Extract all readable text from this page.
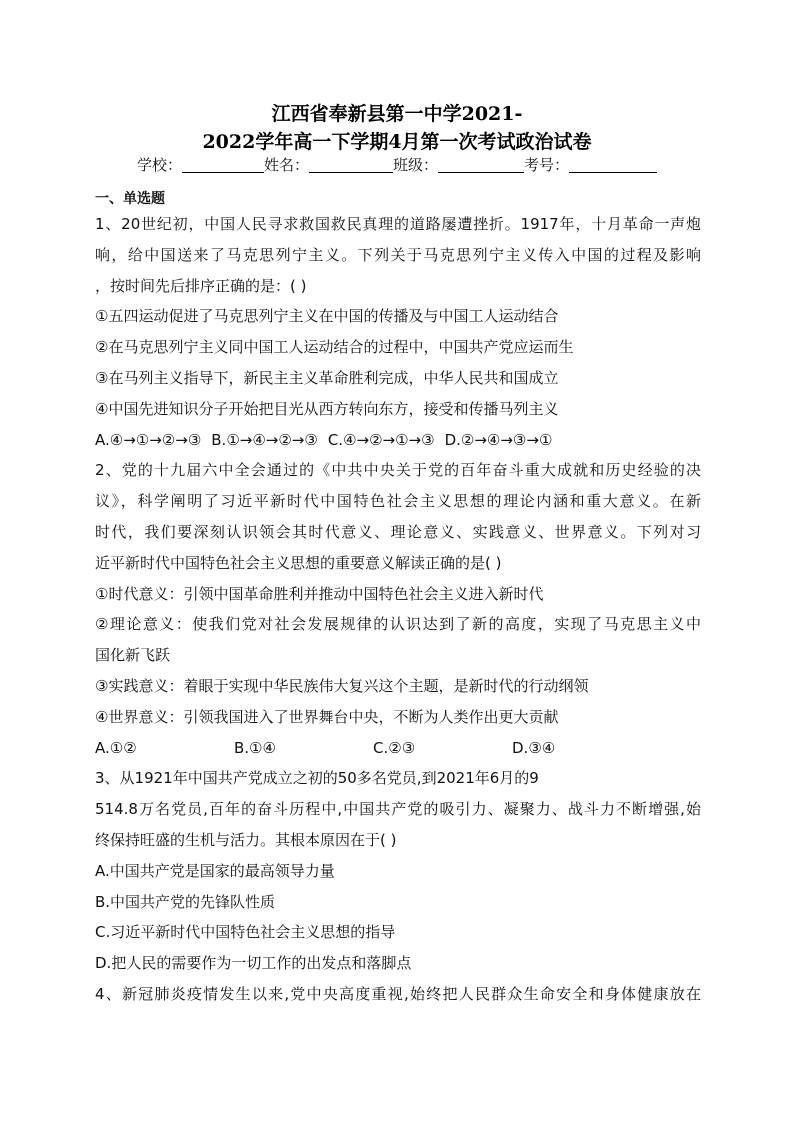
江西省奉新县第一中学2021-
2022学年高一下学期4月第一次考试政治试卷
学校：	姓名：	班级：	考号：
一、单选题
1、20世纪初，中国人民寻求救国救民真理的道路屡遭挫折。1917年，十月革命一声炮
响，给中国送来了马克思列宁主义。下列关于马克思列宁主义传入中国的过程及影响
，按时间先后排序正确的是：( )
①五四运动促进了马克思列宁主义在中国的传播及与中国工人运动结合
②在马克思列宁主义同中国工人运动结合的过程中，中国共产党应运而生
③在马列主义指导下，新民主主义革命胜利完成，中华人民共和国成立
④中国先进知识分子开始把目光从西方转向东方，接受和传播马列主义
A.④→①→②→③ B.①→④→②→③ C.④→②→①→③ D.②→④→③→①
2、党的十九届六中全会通过的《中共中央关于党的百年奋斗重大成就和历史经验的决
议》，科学阐明了习近平新时代中国特色社会主义思想的理论内涵和重大意义。在新
时代，我们要深刻认识领会其时代意义、理论意义、实践意义、世界意义。下列对习
近平新时代中国特色社会主义思想的重要意义解读正确的是( )
①时代意义：引领中国革命胜利并推动中国特色社会主义进入新时代
②理论意义：使我们党对社会发展规律的认识达到了新的高度，实现了马克思主义中
国化新飞跃
③实践意义：着眼于实现中华民族伟大复兴这个主题，是新时代的行动纲领
④世界意义：引领我国进入了世界舞台中央，不断为人类作出更大贡献
A.①②	B.①④	C.②③	D.③④
3、从1921年中国共产党成立之初的50多名党员,到2021年6月的9
514.8万名党员,百年的奋斗历程中,中国共产党的吸引力、凝聚力、战斗力不断增强,始
终保持旺盛的生机与活力。其根本原因在于( )
A.中国共产党是国家的最高领导力量
B.中国共产党的先锋队性质
C.习近平新时代中国特色社会主义思想的指导
D.把人民的需要作为一切工作的出发点和落脚点
4、新冠肺炎疫情发生以来,党中央高度重视,始终把人民群众生命安全和身体健康放在
